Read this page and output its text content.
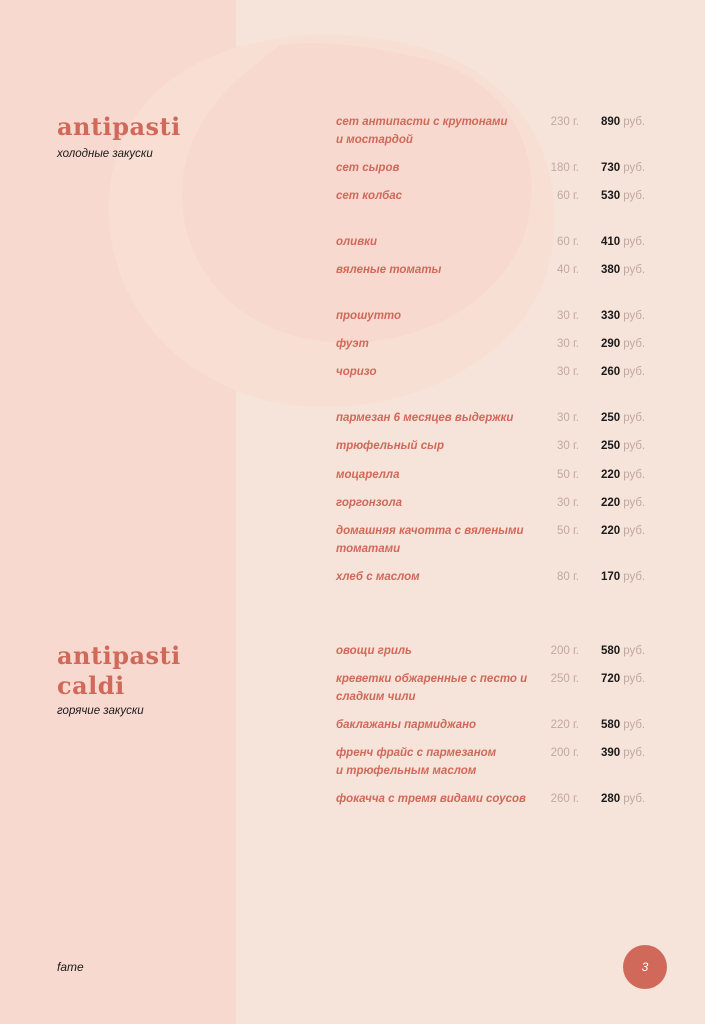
antipasti
холодные закуски
antipasti
caldi
горячие закуски
сет антипасти с крутонами
и мостардой
230 г. 890 руб.
сет сыров	180 г. 730 руб.
сет колбас	60 г. 530 руб.
оливки	60 г. 410 руб.
вяленые томаты	40 г. 380 руб.
прошутто	30 г. 330 руб.
фуэт	30 г. 290 руб.
чоризо	30 г. 260 руб.
пармезан 6 месяцев выдержки	30 г. 250 руб.
трюфельный сыр	30 г. 250 руб.
моцарелла	50 г. 220 руб.
горгонзола	30 г. 220 руб.
домашняя качотта с вялеными
томатами
50 г. 220 руб.
хлеб с маслом	80 г. 170 руб.
овощи гриль	200 г. 580 руб.
креветки обжаренные с песто и
сладким чили
250 г. 720 руб.
баклажаны пармиджано	220 г. 580 руб.
френч фрайс с пармезаном
и трюфельным маслом
200 г. 390 руб.
фокачча с тремя видами соусов	260 г. 280 руб.
fame	3
